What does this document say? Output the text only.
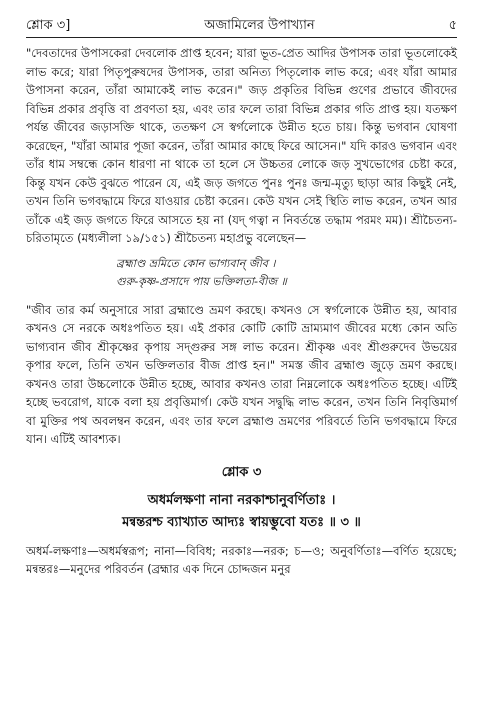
শ্লোক ৩]	অজামিলের উপাখ্যান	৫

"দেবতাদের উপাসকেরা দেবলোক প্রাপ্ত হবেন; যারা ভূত-প্রেত আদির উপাসক তারা ভূতলোকেই লাভ করে; যারা পিতৃপুরুষদের উপাসক, তারা অনিত্য পিতৃলোক লাভ করে; এবং যাঁরা আমার উপাসনা করেন, তাঁরা আমাকেই লাভ করেন।" জড় প্রকৃতির বিভিন্ন গুণের প্রভাবে জীবদের বিভিন্ন প্রকার প্রবৃত্তি বা প্রবণতা হয়, এবং তার ফলে তারা বিভিন্ন প্রকার গতি প্রাপ্ত হয়। যতক্ষণ পর্যন্ত জীবের জড়াসক্তি থাকে, ততক্ষণ সে স্বর্গলোকে উন্নীত হতে চায়। কিন্তু ভগবান ঘোষণা করেছেন, "যাঁরা আমার পূজা করেন, তাঁরা আমার কাছে ফিরে আসেন।" যদি কারও ভগবান এবং তাঁর ধাম সম্বন্ধে কোন ধারণা না থাকে তা হলে সে উচ্চতর লোকে জড় সুখভোগের চেষ্টা করে, কিন্তু যখন কেউ বুঝতে পারেন যে, এই জড় জগতে পুনঃ পুনঃ জন্ম-মৃত্যু ছাড়া আর কিছুই নেই, তখন তিনি ভগবদ্ধামে ফিরে যাওয়ার চেষ্টা করেন। কেউ যখন সেই স্থিতি লাভ করেন, তখন আর তাঁকে এই জড় জগতে ফিরে আসতে হয় না (যদ্ গত্বা ন নিবর্তন্তে তদ্ধাম পরমং মম)। শ্রীচৈতন্য-চরিতামৃতে (মধ্যলীলা ১৯/১৫১) শ্রীচৈতন্য মহাপ্রভু বলেছেন—

ব্রহ্মাণ্ড ভ্রমিতে কোন ভাগ্যবান্ জীব ।
গুরু-কৃষ্ণ-প্রসাদে পায় ভক্তিলতা-বীজ ॥

"জীব তার কর্ম অনুসারে সারা ব্রহ্মাণ্ডে ভ্রমণ করছে। কখনও সে স্বর্গলোকে উন্নীত হয়, আবার কখনও সে নরকে অধঃপতিত হয়। এই প্রকার কোটি কোটি ভ্রাম্যমাণ জীবের মধ্যে কোন অতি ভাগ্যবান জীব শ্রীকৃষ্ণের কৃপায় সদ্গুরুর সঙ্গ লাভ করেন। শ্রীকৃষ্ণ এবং শ্রীগুরুদেব উভয়ের কৃপার ফলে, তিনি তখন ভক্তিলতার বীজ প্রাপ্ত হন।" সমস্ত জীব ব্রহ্মাণ্ড জুড়ে ভ্রমণ করছে। কখনও তারা উচ্চলোকে উন্নীত হচ্ছে, আবার কখনও তারা নিম্নলোকে অধঃপতিত হচ্ছে। এটিই হচ্ছে ভবরোগ, যাকে বলা হয় প্রবৃত্তিমার্গ। কেউ যখন সদ্বুদ্ধি লাভ করেন, তখন তিনি নিবৃত্তিমার্গ বা মুক্তির পথ অবলম্বন করেন, এবং তার ফলে ব্রহ্মাণ্ড ভ্রমণের পরিবর্তে তিনি ভগবদ্ধামে ফিরে যান। এটিই আবশ্যক।

শ্লোক ৩
অধর্মলক্ষণা নানা নরকাশ্চানুবর্ণিতাঃ ।
মন্বন্তরশ্চ ব্যাখ্যাত আদ্যঃ স্বায়ম্ভুবো যতঃ ॥ ৩ ॥
অধর্ম-লক্ষণাঃ—অধর্মস্বরূপ; নানা—বিবিধ; নরকাঃ—নরক; চ—ও; অনুবর্ণিতাঃ—বর্ণিত হয়েছে; মন্বন্তরঃ—মনুদের পরিবর্তন (ব্রহ্মার এক দিনে চোদ্দজন মনুর
